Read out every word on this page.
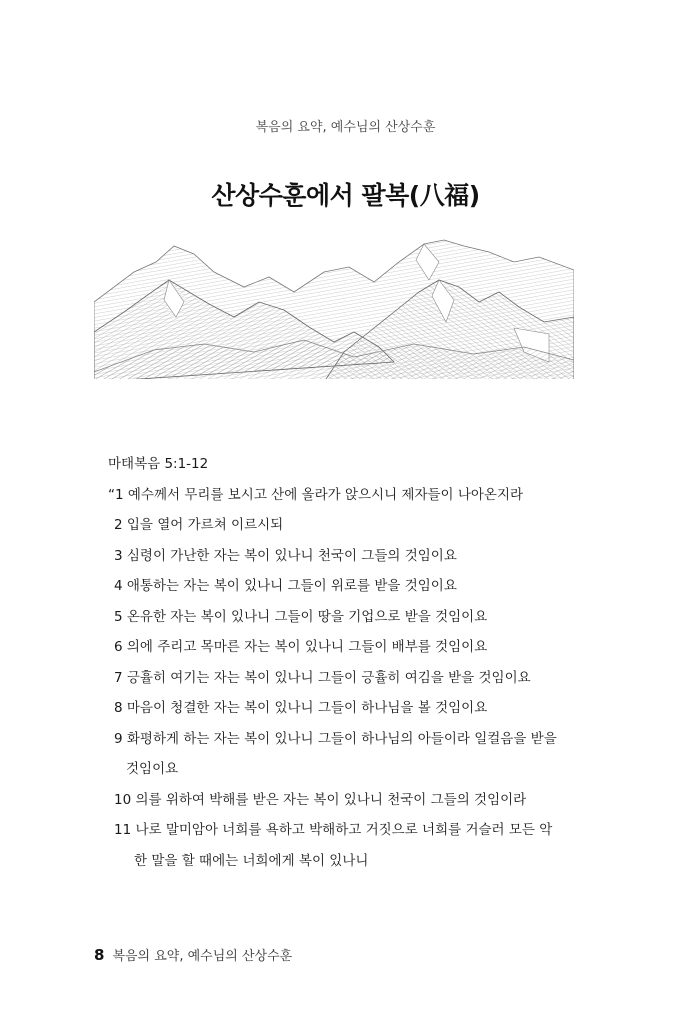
복음의 요약, 예수님의 산상수훈
산상수훈에서 팔복(八福)

마태복음 5:1-12

“1 예수께서 무리를 보시고 산에 올라가 앉으시니 제자들이 나아온지라

2 입을 열어 가르쳐 이르시되

3 심령이 가난한 자는 복이 있나니 천국이 그들의 것임이요

4 애통하는 자는 복이 있나니 그들이 위로를 받을 것임이요

5 온유한 자는 복이 있나니 그들이 땅을 기업으로 받을 것임이요

6 의에 주리고 목마른 자는 복이 있나니 그들이 배부를 것임이요

7 긍휼히 여기는 자는 복이 있나니 그들이 긍휼히 여김을 받을 것임이요

8 마음이 청결한 자는 복이 있나니 그들이 하나님을 볼 것임이요

9 화평하게 하는 자는 복이 있나니 그들이 하나님의 아들이라 일컬음을 받을

것임이요

10 의를 위하여 박해를 받은 자는 복이 있나니 천국이 그들의 것임이라

11 나로 말미암아 너희를 욕하고 박해하고 거짓으로 너희를 거슬러 모든 악

한 말을 할 때에는 너희에게 복이 있나니

8 복음의 요약, 예수님의 산상수훈
